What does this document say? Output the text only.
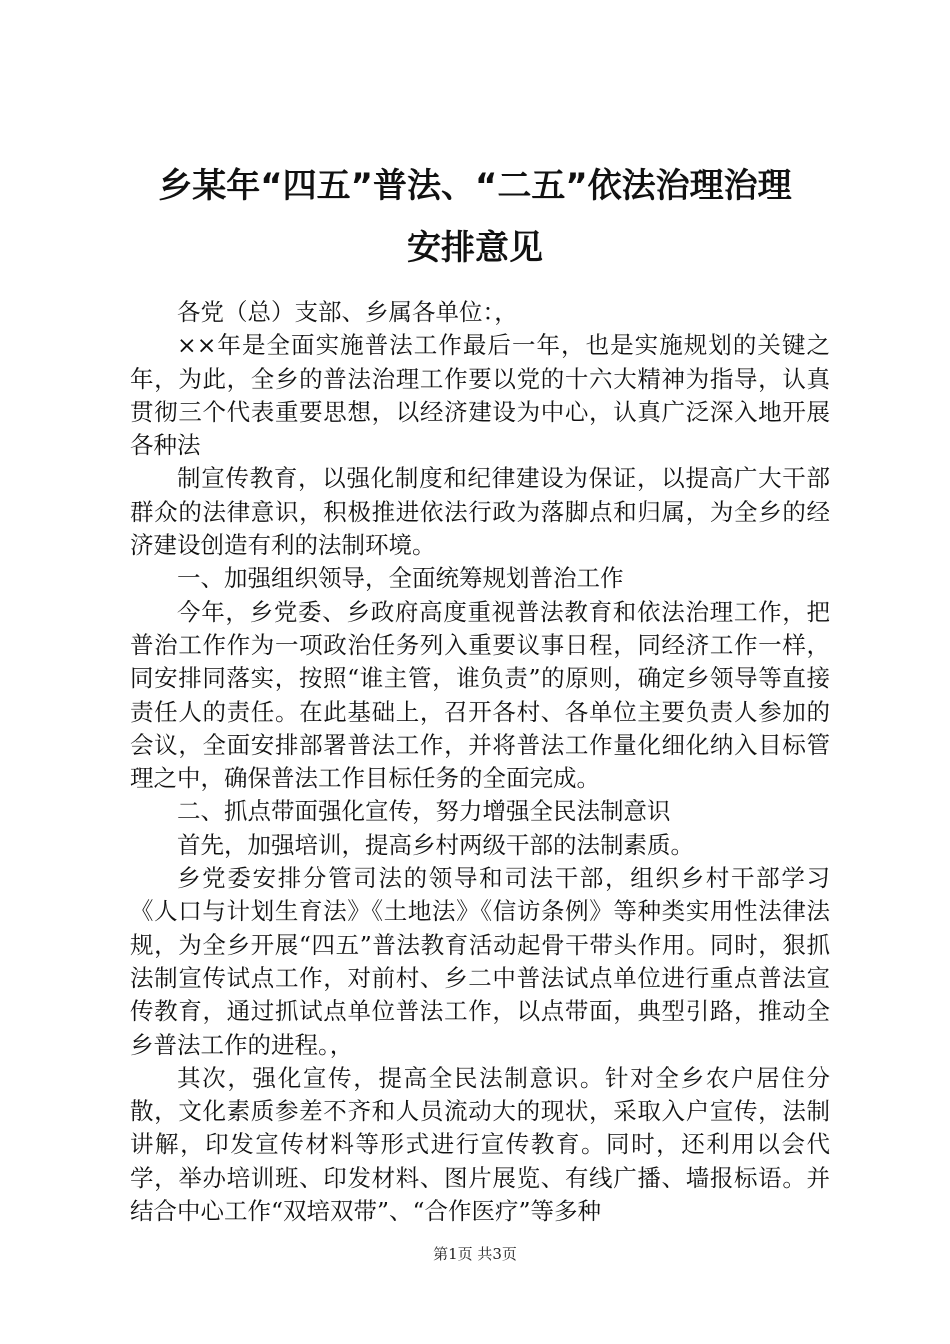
乡某年“四五”普法、“二五”依法治理治理
安排意见

各党（总）支部、乡属各单位：，

××年是全面实施普法工作最后一年，也是实施规划的关键之年，为此，全乡的普法治理工作要以党的十六大精神为指导，认真贯彻三个代表重要思想，以经济建设为中心，认真广泛深入地开展各种法

制宣传教育，以强化制度和纪律建设为保证，以提高广大干部群众的法律意识，积极推进依法行政为落脚点和归属，为全乡的经济建设创造有利的法制环境。

一、加强组织领导，全面统筹规划普治工作

今年，乡党委、乡政府高度重视普法教育和依法治理工作，把普治工作作为一项政治任务列入重要议事日程，同经济工作一样，同安排同落实，按照“谁主管，谁负责”的原则，确定乡领导等直接责任人的责任。在此基础上，召开各村、各单位主要负责人参加的会议，全面安排部署普法工作，并将普法工作量化细化纳入目标管理之中，确保普法工作目标任务的全面完成。

二、抓点带面强化宣传，努力增强全民法制意识

首先，加强培训，提高乡村两级干部的法制素质。

乡党委安排分管司法的领导和司法干部，组织乡村干部学习《人口与计划生育法》《土地法》《信访条例》等种类实用性法律法规，为全乡开展“四五”普法教育活动起骨干带头作用。同时，狠抓法制宣传试点工作，对前村、乡二中普法试点单位进行重点普法宣传教育，通过抓试点单位普法工作，以点带面，典型引路，推动全乡普法工作的进程。，

其次，强化宣传，提高全民法制意识。针对全乡农户居住分散，文化素质参差不齐和人员流动大的现状，采取入户宣传，法制讲解，印发宣传材料等形式进行宣传教育。同时，还利用以会代学，举办培训班、印发材料、图片展览、有线广播、墙报标语。并结合中心工作“双培双带”、“合作医疗”等多种

第1页 共3页
